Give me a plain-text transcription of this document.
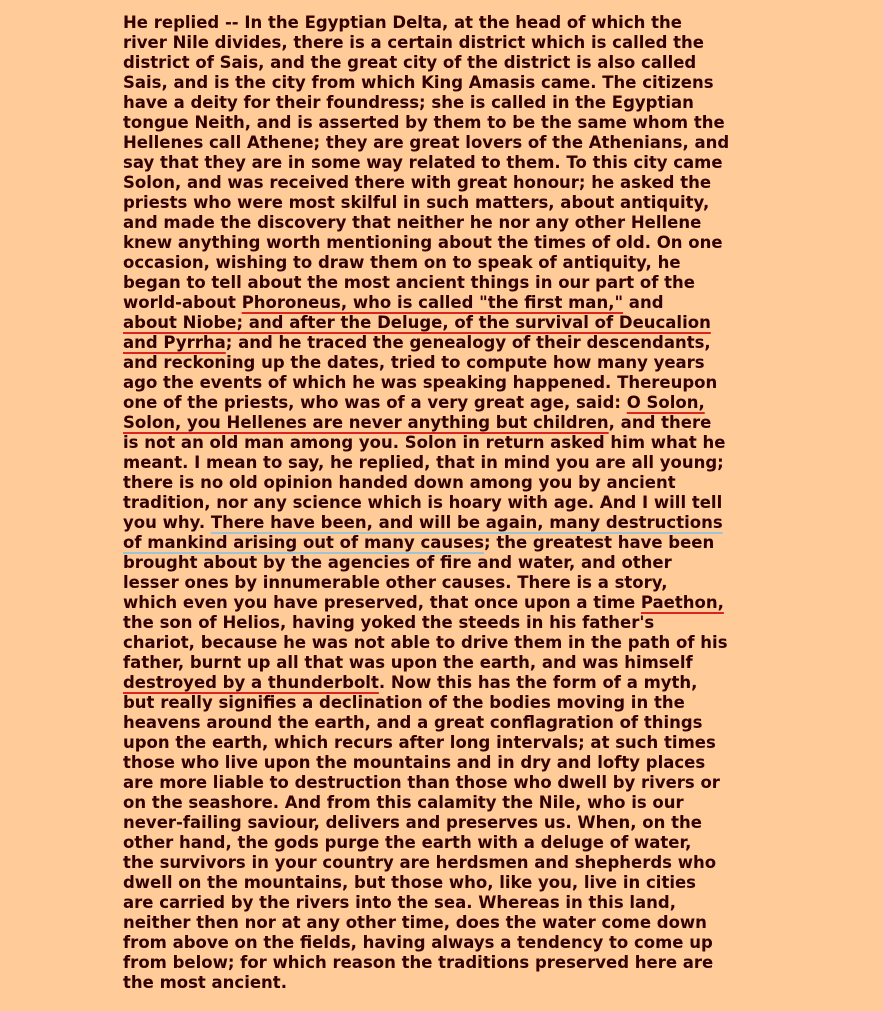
He replied -- In the Egyptian Delta, at the head of which the
river Nile divides, there is a certain district which is called the
district of Sais, and the great city of the district is also called
Sais, and is the city from which King Amasis came. The citizens
have a deity for their foundress; she is called in the Egyptian
tongue Neith, and is asserted by them to be the same whom the
Hellenes call Athene; they are great lovers of the Athenians, and
say that they are in some way related to them. To this city came
Solon, and was received there with great honour; he asked the
priests who were most skilful in such matters, about antiquity,
and made the discovery that neither he nor any other Hellene
knew anything worth mentioning about the times of old. On one
occasion, wishing to draw them on to speak of antiquity, he
began to tell about the most ancient things in our part of the
world-about Phoroneus, who is called "the first man," and
about Niobe; and after the Deluge, of the survival of Deucalion
and Pyrrha; and he traced the genealogy of their descendants,
and reckoning up the dates, tried to compute how many years
ago the events of which he was speaking happened. Thereupon
one of the priests, who was of a very great age, said: O Solon,
Solon, you Hellenes are never anything but children, and there
is not an old man among you. Solon in return asked him what he
meant. I mean to say, he replied, that in mind you are all young;
there is no old opinion handed down among you by ancient
tradition, nor any science which is hoary with age. And I will tell
you why. There have been, and will be again, many destructions
of mankind arising out of many causes; the greatest have been
brought about by the agencies of fire and water, and other
lesser ones by innumerable other causes. There is a story,
which even you have preserved, that once upon a time Paethon,
the son of Helios, having yoked the steeds in his father's
chariot, because he was not able to drive them in the path of his
father, burnt up all that was upon the earth, and was himself
destroyed by a thunderbolt. Now this has the form of a myth,
but really signifies a declination of the bodies moving in the
heavens around the earth, and a great conflagration of things
upon the earth, which recurs after long intervals; at such times
those who live upon the mountains and in dry and lofty places
are more liable to destruction than those who dwell by rivers or
on the seashore. And from this calamity the Nile, who is our
never-failing saviour, delivers and preserves us. When, on the
other hand, the gods purge the earth with a deluge of water,
the survivors in your country are herdsmen and shepherds who
dwell on the mountains, but those who, like you, live in cities
are carried by the rivers into the sea. Whereas in this land,
neither then nor at any other time, does the water come down
from above on the fields, having always a tendency to come up
from below; for which reason the traditions preserved here are
the most ancient.
